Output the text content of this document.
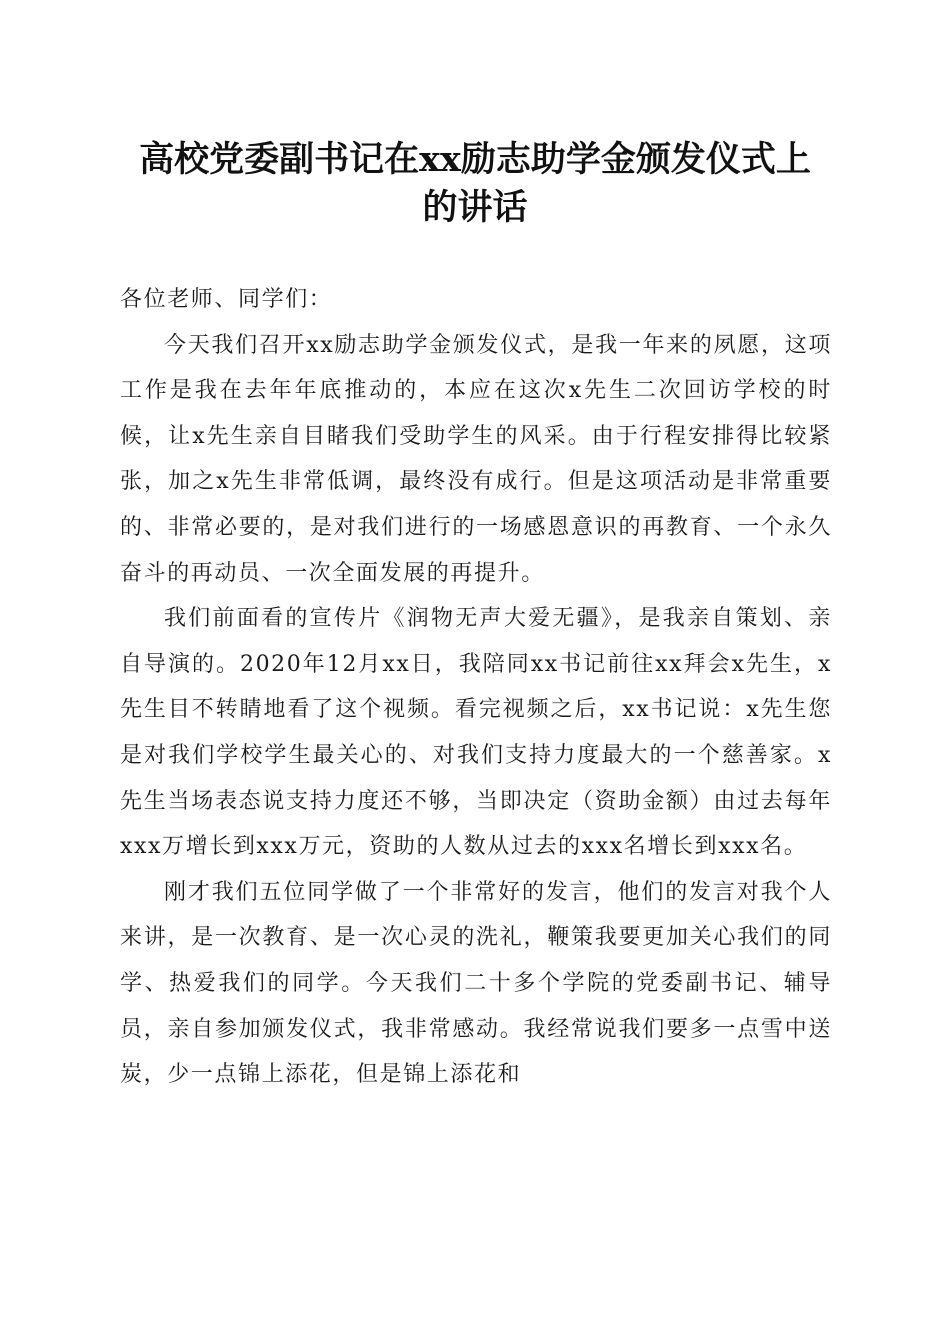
高校党委副书记在xx励志助学金颁发仪式上
的讲话

各位老师、同学们：

今天我们召开xx励志助学金颁发仪式，是我一年来的夙愿，这项工作是我在去年年底推动的，本应在这次x先生二次回访学校的时候，让x先生亲自目睹我们受助学生的风采。由于行程安排得比较紧张，加之x先生非常低调，最终没有成行。但是这项活动是非常重要的、非常必要的，是对我们进行的一场感恩意识的再教育、一个永久奋斗的再动员、一次全面发展的再提升。

我们前面看的宣传片《润物无声大爱无疆》，是我亲自策划、亲自导演的。2020年12月xx日，我陪同xx书记前往xx拜会x先生，x先生目不转睛地看了这个视频。看完视频之后，xx书记说：x先生您是对我们学校学生最关心的、对我们支持力度最大的一个慈善家。x先生当场表态说支持力度还不够，当即决定（资助金额）由过去每年xxx万增长到xxx万元，资助的人数从过去的xxx名增长到xxx名。

刚才我们五位同学做了一个非常好的发言，他们的发言对我个人来讲，是一次教育、是一次心灵的洗礼，鞭策我要更加关心我们的同学、热爱我们的同学。今天我们二十多个学院的党委副书记、辅导员，亲自参加颁发仪式，我非常感动。我经常说我们要多一点雪中送炭，少一点锦上添花，但是锦上添花和
